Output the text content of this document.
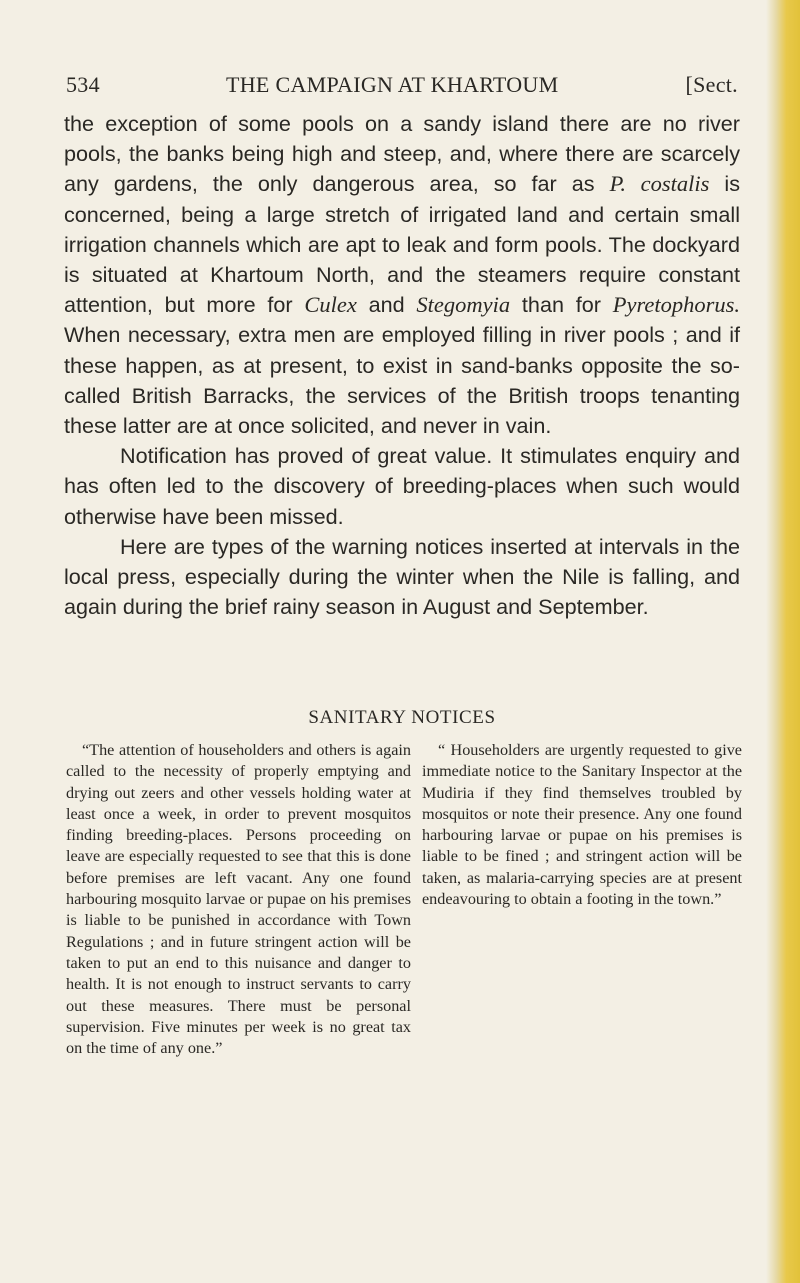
534	THE CAMPAIGN AT KHARTOUM	[Sect.

the exception of some pools on a sandy island there are no river pools, the banks being high and steep, and, where there are scarcely any gardens, the only dangerous area, so far as P. costalis is concerned, being a large stretch of irrigated land and certain small irrigation channels which are apt to leak and form pools. The dockyard is situated at Khartoum North, and the steamers require constant attention, but more for Culex and Stegomyia than for Pyretophorus. When necessary, extra men are employed filling in river pools ; and if these happen, as at present, to exist in sand-banks opposite the so-called British Barracks, the services of the British troops tenanting these latter are at once solicited, and never in vain.

Notification has proved of great value. It stimulates enquiry and has often led to the discovery of breeding-places when such would otherwise have been missed.

Here are types of the warning notices inserted at intervals in the local press, especially during the winter when the Nile is falling, and again during the brief rainy season in August and September.

SANITARY NOTICES

“The attention of householders and others is again called to the necessity of properly emptying and drying out zeers and other vessels holding water at least once a week, in order to prevent mosquitos finding breeding-places. Persons proceeding on leave are especially requested to see that this is done before premises are left vacant. Any one found harbouring mosquito larvae or pupae on his premises is liable to be punished in accordance with Town Regulations ; and in future stringent action will be taken to put an end to this nuisance and danger to health. It is not enough to instruct servants to carry out these measures. There must be personal supervision. Five minutes per week is no great tax on the time of any one.”

“ Householders are urgently requested to give immediate notice to the Sanitary Inspector at the Mudiria if they find themselves troubled by mosquitos or note their presence. Any one found harbouring larvae or pupae on his premises is liable to be fined ; and stringent action will be taken, as malaria-carrying species are at present endeavouring to obtain a footing in the town.”
